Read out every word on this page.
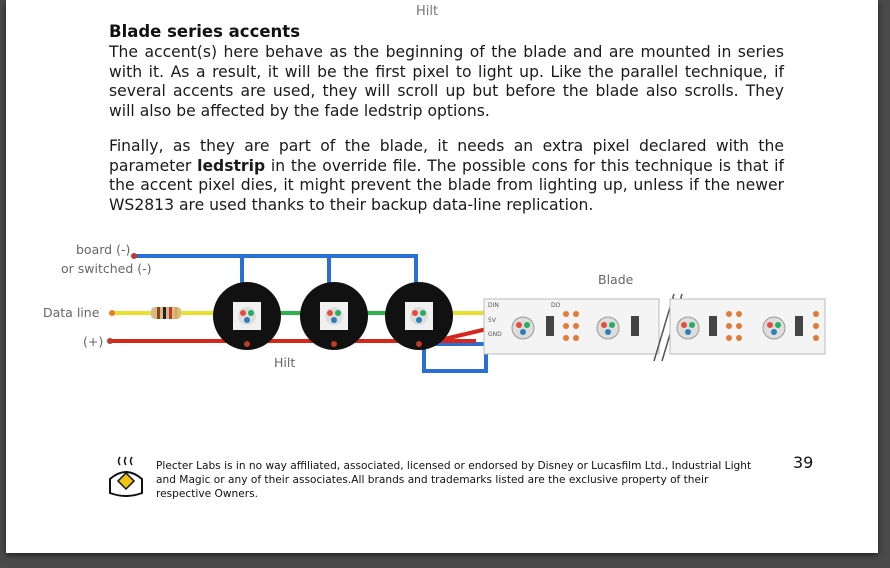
Hilt
Blade series accents
The accent(s) here behave as the beginning of the blade and are mounted in series with it. As a result, it will be the first pixel to light up. Like the parallel technique, if several accents are used, they will scroll up but before the blade also scrolls. They will also be affected by the fade ledstrip options.
Finally, as they are part of the blade, it needs an extra pixel declared with the parameter ledstrip in the override file. The possible cons for this technique is that if the accent pixel dies, it might prevent the blade from lighting up, unless if the newer WS2813 are used thanks to their backup data-line replication.
board (-)
or switched (-)
Data line
(+)
Hilt
Blade
DIN
5V
GND
DO
Plecter Labs is in no way affiliated, associated, licensed or endorsed by Disney or Lucasfilm Ltd., Industrial Light and Magic or any of their associates.All brands and trademarks listed are the exclusive property of their respective Owners.
39
